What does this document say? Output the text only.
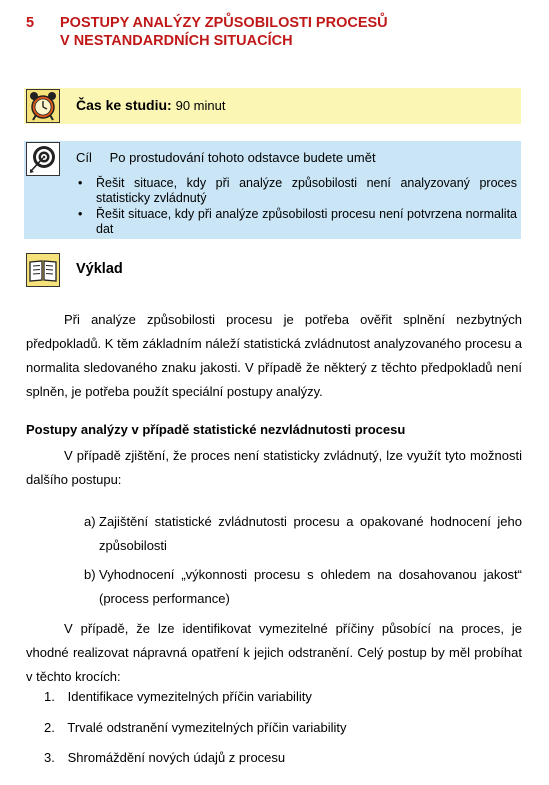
5 POSTUPY ANALÝZY ZPŮSOBILOSTI PROCESŮ
V NESTANDARDNÍCH SITUACÍCH
Čas ke studiu: 90 minut
Cíl Po prostudování tohoto odstavce budete umět
• Řešit situace, kdy při analýze způsobilosti není analyzovaný proces statisticky zvládnutý
• Řešit situace, kdy při analýze způsobilosti procesu není potvrzena normalita dat
Výklad

Při analýze způsobilosti procesu je potřeba ověřit splnění nezbytných předpokladů. K těm základním náleží statistická zvládnutost analyzovaného procesu a normalita sledovaného znaku jakosti. V případě že některý z těchto předpokladů není splněn, je potřeba použít speciální postupy analýzy.

Postupy analýzy v případě statistické nezvládnutosti procesu

V případě zjištění, že proces není statisticky zvládnutý, lze využít tyto možnosti dalšího postupu:

a) Zajištění statistické zvládnutosti procesu a opakované hodnocení jeho způsobilosti

b) Vyhodnocení „výkonnosti procesu s ohledem na dosahovanou jakost“ (process performance)

V případě, že lze identifikovat vymezitelné příčiny působící na proces, je vhodné realizovat nápravná opatření k jejich odstranění. Celý postup by měl probíhat v těchto krocích:

1. Identifikace vymezitelných příčin variability
2. Trvalé odstranění vymezitelných příčin variability
3. Shromáždění nových údajů z procesu
